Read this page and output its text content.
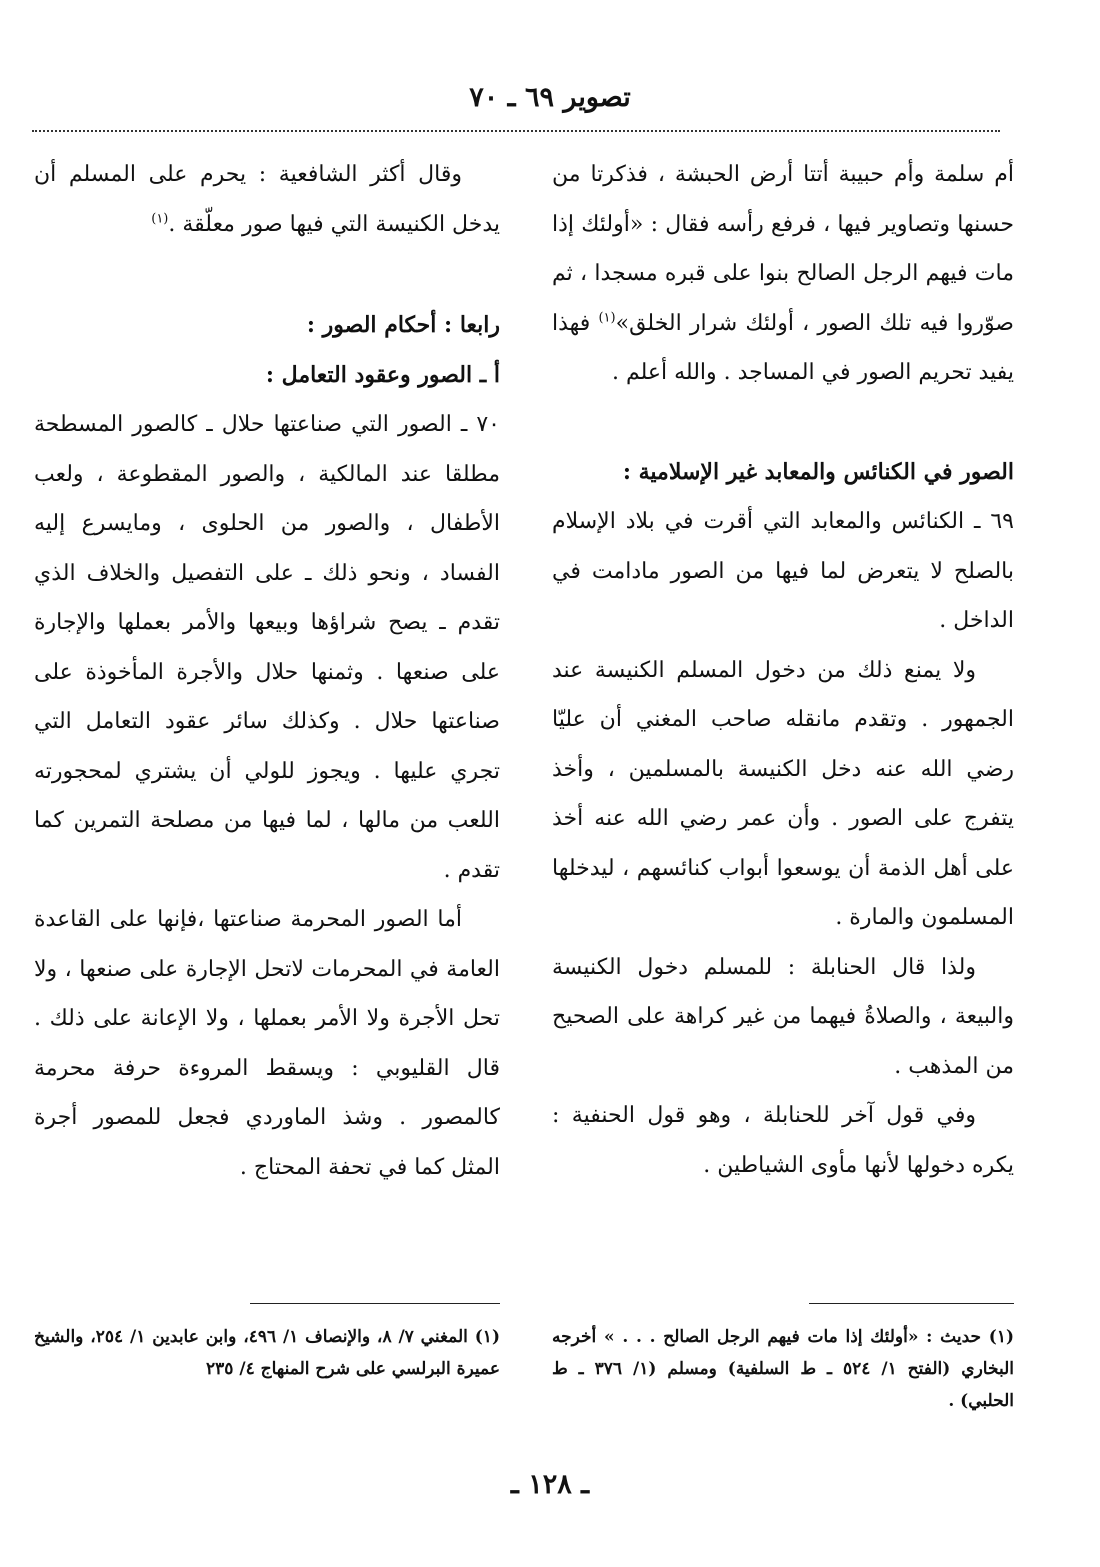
تصوير ٦٩ ـ ٧٠

أم سلمة وأم حبيبة أتتا أرض الحبشة ، فذكرتا من حسنها وتصاوير فيها ، فرفع رأسه فقال : «أولئك إذا مات فيهم الرجل الصالح بنوا على قبره مسجدا ، ثم صوّروا فيه تلك الصور ، أولئك شرار الخلق»$^{(١)}$ فهذا يفيد تحريم الصور في المساجد . والله أعلم .

الصور في الكنائس والمعابد غير الإسلامية :

٦٩ ـ الكنائس والمعابد التي أقرت في بلاد الإسلام بالصلح لا يتعرض لما فيها من الصور مادامت في الداخل .

ولا يمنع ذلك من دخول المسلم الكنيسة عند الجمهور . وتقدم مانقله صاحب المغني أن عليّا رضي الله عنه دخل الكنيسة بالمسلمين ، وأخذ يتفرج على الصور . وأن عمر رضي الله عنه أخذ على أهل الذمة أن يوسعوا أبواب كنائسهم ، ليدخلها المسلمون والمارة .

ولذا قال الحنابلة : للمسلم دخول الكنيسة والبيعة ، والصلاةُ فيهما من غير كراهة على الصحيح من المذهب .

وفي قول آخر للحنابلة ، وهو قول الحنفية : يكره دخولها لأنها مأوى الشياطين .

وقال أكثر الشافعية : يحرم على المسلم أن يدخل الكنيسة التي فيها صور معلّقة .$^{(١)}$

رابعا : أحكام الصور :

أ ـ الصور وعقود التعامل :

٧٠ ـ الصور التي صناعتها حلال ـ كالصور المسطحة مطلقا عند المالكية ، والصور المقطوعة ، ولعب الأطفال ، والصور من الحلوى ، ومايسرع إليه الفساد ، ونحو ذلك ـ على التفصيل والخلاف الذي تقدم ـ يصح شراؤها وبيعها والأمر بعملها والإجارة على صنعها . وثمنها حلال والأجرة المأخوذة على صناعتها حلال . وكذلك سائر عقود التعامل التي تجري عليها . ويجوز للولي أن يشتري لمحجورته اللعب من مالها ، لما فيها من مصلحة التمرين كما تقدم .

أما الصور المحرمة صناعتها ،فإنها على القاعدة العامة في المحرمات لاتحل الإجارة على صنعها ، ولا تحل الأجرة ولا الأمر بعملها ، ولا الإعانة على ذلك . قال القليوبي : ويسقط المروءة حرفة محرمة كالمصور . وشذ الماوردي فجعل للمصور أجرة المثل كما في تحفة المحتاج .

(١) حديث : «أولئك إذا مات فيهم الرجل الصالح . . . » أخرجه البخاري (الفتح ١/ ٥٢٤ ـ ط السلفية) ومسلم (١/ ٣٧٦ ـ ط الحلبي) .

(١) المغني ٧/ ٨، والإنصاف ١/ ٤٩٦، وابن عابدين ١/ ٢٥٤، والشيخ عميرة البرلسي على شرح المنهاج ٤/ ٢٣٥

ـ ١٢٨ ـ
